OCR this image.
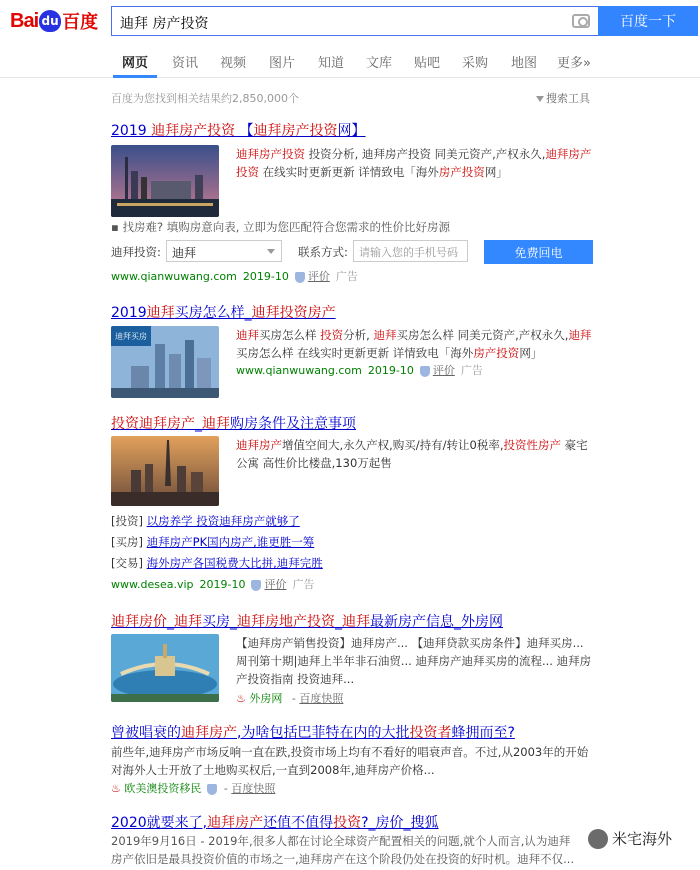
Bai du 百度 迪拜 房产投资	百度一下
网页 资讯 视频 图片 知道 文库 贴吧 采购 地图 更多»
百度为您找到相关结果约2,850,000个	搜索工具
2019 迪拜房产投资 【迪拜房产投资网】
迪拜房产投资 投资分析, 迪拜房产投资 同美元资产,产权永久,迪拜房产投资 在线实时更新更新 详情致电「海外房产投资网」
▪ 找房难? 填购房意向表, 立即为您匹配符合您需求的性价比好房源
迪拜投资: 迪拜	联系方式:	请输入您的手机号码	免费回电
www.qianwuwang.com 2019-10 评价 广告
2019迪拜买房怎么样_迪拜投资房产
迪拜买房	迪拜买房怎么样 投资分析, 迪拜买房怎么样 同美元资产,产权永久,迪拜买房怎么样 在线实时更新更新 详情致电「海外房产投资网」
www.qianwuwang.com 2019-10 评价 广告
投资迪拜房产_迪拜购房条件及注意事项
迪拜房产增值空间大,永久产权,购买/持有/转让0税率,投资性房产 豪宅 公寓 高性价比楼盘,130万起售
[投资] 以房养学 投资迪拜房产就够了
[买房] 迪拜房产PK国内房产,谁更胜一筹
[交易] 海外房产各国税费大比拼,迪拜完胜
www.desea.vip 2019-10 评价 广告
迪拜房价_迪拜买房_迪拜房地产投资_迪拜最新房产信息_外房网
【迪拜房产销售投资】迪拜房产... 【迪拜贷款买房条件】迪拜买房... 周刊第十期|迪拜上半年非石油贸... 迪拜房产迪拜买房的流程... 迪拜房产投资指南 投资迪拜...
♨ 外房网 - 百度快照
曾被唱衰的迪拜房产,为啥包括巴菲特在内的大批投资者蜂拥而至?
前些年,迪拜房产市场反响一直在跌,投资市场上均有不看好的唱衰声音。不过,从2003年的开始对海外人士开放了土地购买权后,一直到2008年,迪拜房产价格...
♨ 欧美澳投资移民 - 百度快照
2020就要来了,迪拜房产还值不值得投资?_房价_搜狐
2019年9月16日 - 2019年,很多人都在讨论全球资产配置相关的问题,就个人而言,认为迪拜房产依旧是最具投资价值的市场之一,迪拜房产在这个阶段仍处在投资的好时机。迪拜不仅...
米宅海外
